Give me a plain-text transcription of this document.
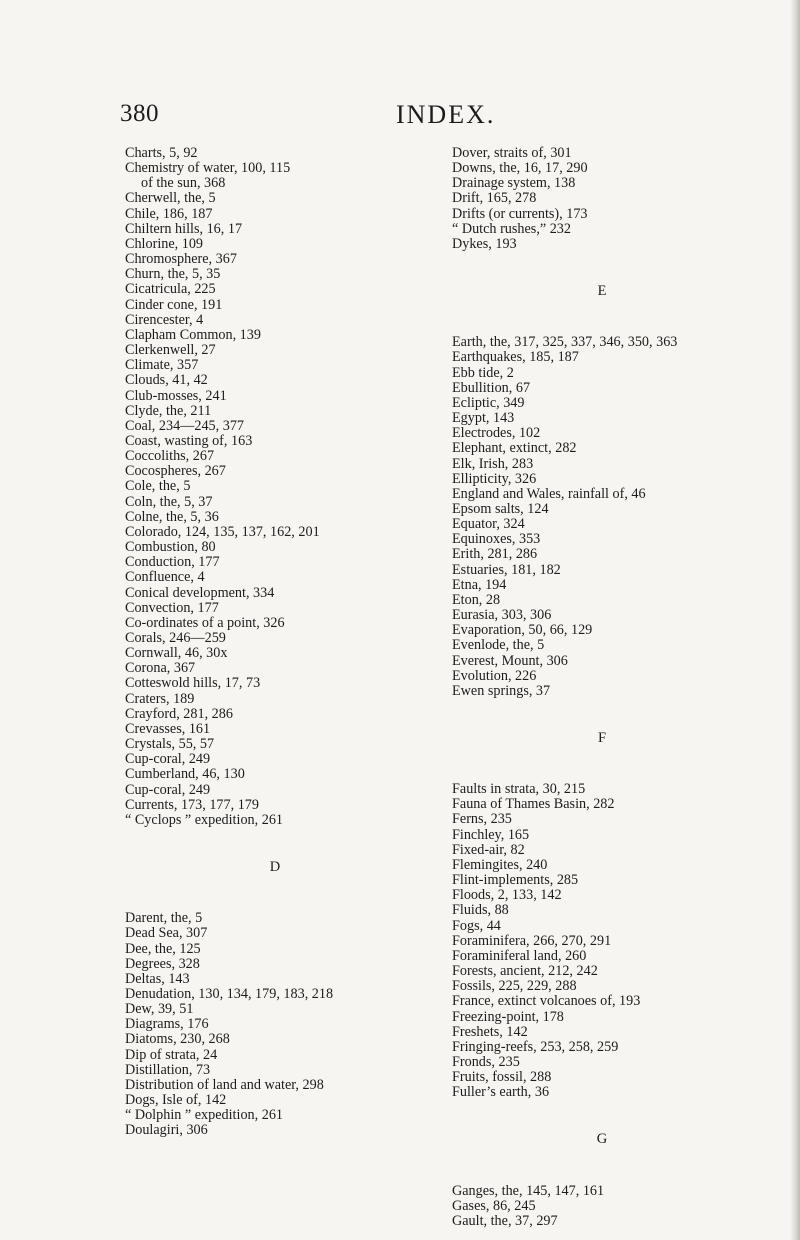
380	INDEX.
Charts, 5, 92
Chemistry of water, 100, 115
of the sun, 368
Cherwell, the, 5
Chile, 186, 187
Chiltern hills, 16, 17
Chlorine, 109
Chromosphere, 367
Churn, the, 5, 35
Cicatricula, 225
Cinder cone, 191
Cirencester, 4
Clapham Common, 139
Clerkenwell, 27
Climate, 357
Clouds, 41, 42
Club-mosses, 241
Clyde, the, 211
Coal, 234—245, 377
Coast, wasting of, 163
Coccoliths, 267
Cocospheres, 267
Cole, the, 5
Coln, the, 5, 37
Colne, the, 5, 36
Colorado, 124, 135, 137, 162, 201
Combustion, 80
Conduction, 177
Confluence, 4
Conical development, 334
Convection, 177
Co-ordinates of a point, 326
Corals, 246—259
Cornwall, 46, 30x
Corona, 367
Cotteswold hills, 17, 73
Craters, 189
Crayford, 281, 286
Crevasses, 161
Crystals, 55, 57
Cup-coral, 249
Cumberland, 46, 130
Cup-coral, 249
Currents, 173, 177, 179
“ Cyclops ” expedition, 261
D
Darent, the, 5
Dead Sea, 307
Dee, the, 125
Degrees, 328
Deltas, 143
Denudation, 130, 134, 179, 183, 218
Dew, 39, 51
Diagrams, 176
Diatoms, 230, 268
Dip of strata, 24
Distillation, 73
Distribution of land and water, 298
Dogs, Isle of, 142
“ Dolphin ” expedition, 261
Doulagiri, 306
Dover, straits of, 301
Downs, the, 16, 17, 290
Drainage system, 138
Drift, 165, 278
Drifts (or currents), 173
“ Dutch rushes,” 232
Dykes, 193
E
Earth, the, 317, 325, 337, 346, 350, 363
Earthquakes, 185, 187
Ebb tide, 2
Ebullition, 67
Ecliptic, 349
Egypt, 143
Electrodes, 102
Elephant, extinct, 282
Elk, Irish, 283
Ellipticity, 326
England and Wales, rainfall of, 46
Epsom salts, 124
Equator, 324
Equinoxes, 353
Erith, 281, 286
Estuaries, 181, 182
Etna, 194
Eton, 28
Eurasia, 303, 306
Evaporation, 50, 66, 129
Evenlode, the, 5
Everest, Mount, 306
Evolution, 226
Ewen springs, 37
F
Faults in strata, 30, 215
Fauna of Thames Basin, 282
Ferns, 235
Finchley, 165
Fixed-air, 82
Flemingites, 240
Flint-implements, 285
Floods, 2, 133, 142
Fluids, 88
Fogs, 44
Foraminifera, 266, 270, 291
Foraminiferal land, 260
Forests, ancient, 212, 242
Fossils, 225, 229, 288
France, extinct volcanoes of, 193
Freezing-point, 178
Freshets, 142
Fringing-reefs, 253, 258, 259
Fronds, 235
Fruits, fossil, 288
Fuller’s earth, 36
G
Ganges, the, 145, 147, 161
Gases, 86, 245
Gault, the, 37, 297
